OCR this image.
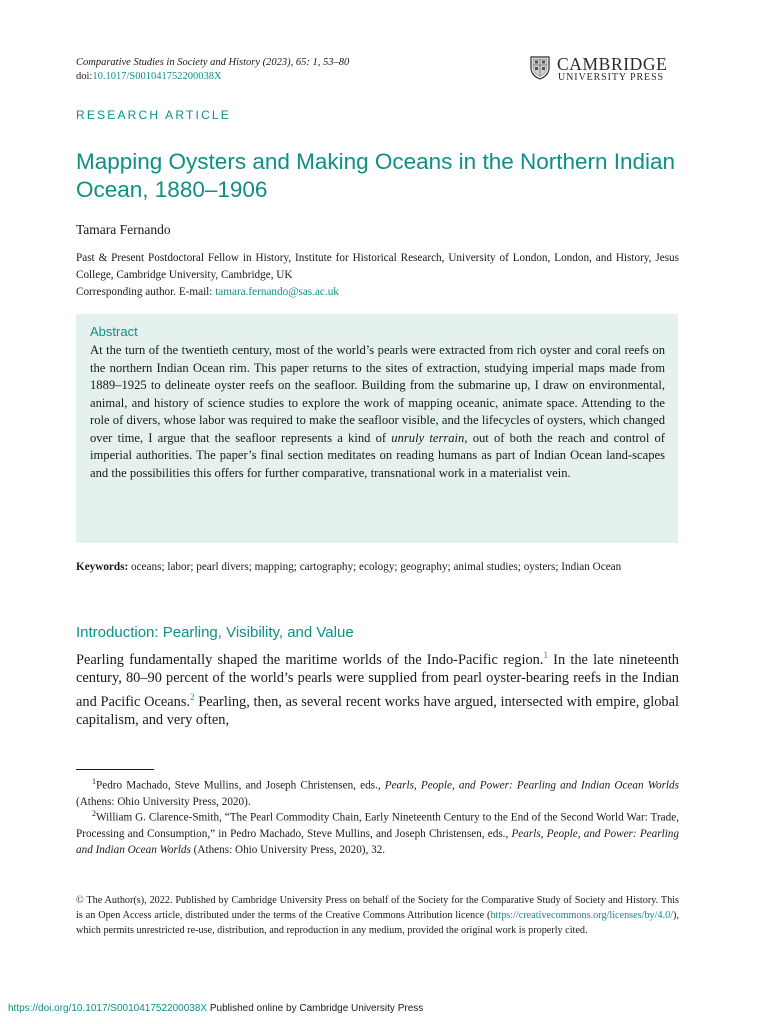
Comparative Studies in Society and History (2023), 65: 1, 53–80
doi:10.1017/S001041752200038X
CAMBRIDGE
UNIVERSITY PRESS
RESEARCH ARTICLE
Mapping Oysters and Making Oceans in the Northern Indian Ocean, 1880–1906
Tamara Fernando
Past & Present Postdoctoral Fellow in History, Institute for Historical Research, University of London, London, and History, Jesus College, Cambridge University, Cambridge, UK
Corresponding author. E-mail: tamara.fernando@sas.ac.uk
Abstract

At the turn of the twentieth century, most of the world’s pearls were extracted from rich oyster and coral reefs on the northern Indian Ocean rim. This paper returns to the sites of extraction, studying imperial maps made from 1889–1925 to delineate oyster reefs on the seafloor. Building from the submarine up, I draw on environmental, animal, and history of science studies to explore the work of mapping oceanic, animate space. Attending to the role of divers, whose labor was required to make the seafloor visible, and the lifecycles of oysters, which changed over time, I argue that the seafloor represents a kind of unruly terrain, out of both the reach and control of imperial authorities. The paper’s final section meditates on reading humans as part of Indian Ocean land-scapes and the possibilities this offers for further comparative, transnational work in a materialist vein.

Keywords: oceans; labor; pearl divers; mapping; cartography; ecology; geography; animal studies; oysters; Indian Ocean
Introduction: Pearling, Visibility, and Value

Pearling fundamentally shaped the maritime worlds of the Indo-Pacific region.$^1$ In the late nineteenth century, 80–90 percent of the world’s pearls were supplied from pearl oyster-bearing reefs in the Indian and Pacific Oceans.$^2$ Pearling, then, as several recent works have argued, intersected with empire, global capitalism, and very often,

$^1$Pedro Machado, Steve Mullins, and Joseph Christensen, eds., Pearls, People, and Power: Pearling and Indian Ocean Worlds (Athens: Ohio University Press, 2020).

$^2$William G. Clarence-Smith, “The Pearl Commodity Chain, Early Nineteenth Century to the End of the Second World War: Trade, Processing and Consumption,” in Pedro Machado, Steve Mullins, and Joseph Christensen, eds., Pearls, People, and Power: Pearling and Indian Ocean Worlds (Athens: Ohio University Press, 2020), 32.

© The Author(s), 2022. Published by Cambridge University Press on behalf of the Society for the Comparative Study of Society and History. This is an Open Access article, distributed under the terms of the Creative Commons Attribution licence (https://creativecommons.org/licenses/by/4.0/), which permits unrestricted re-use, distribution, and reproduction in any medium, provided the original work is properly cited.

https://doi.org/10.1017/S001041752200038X Published online by Cambridge University Press
